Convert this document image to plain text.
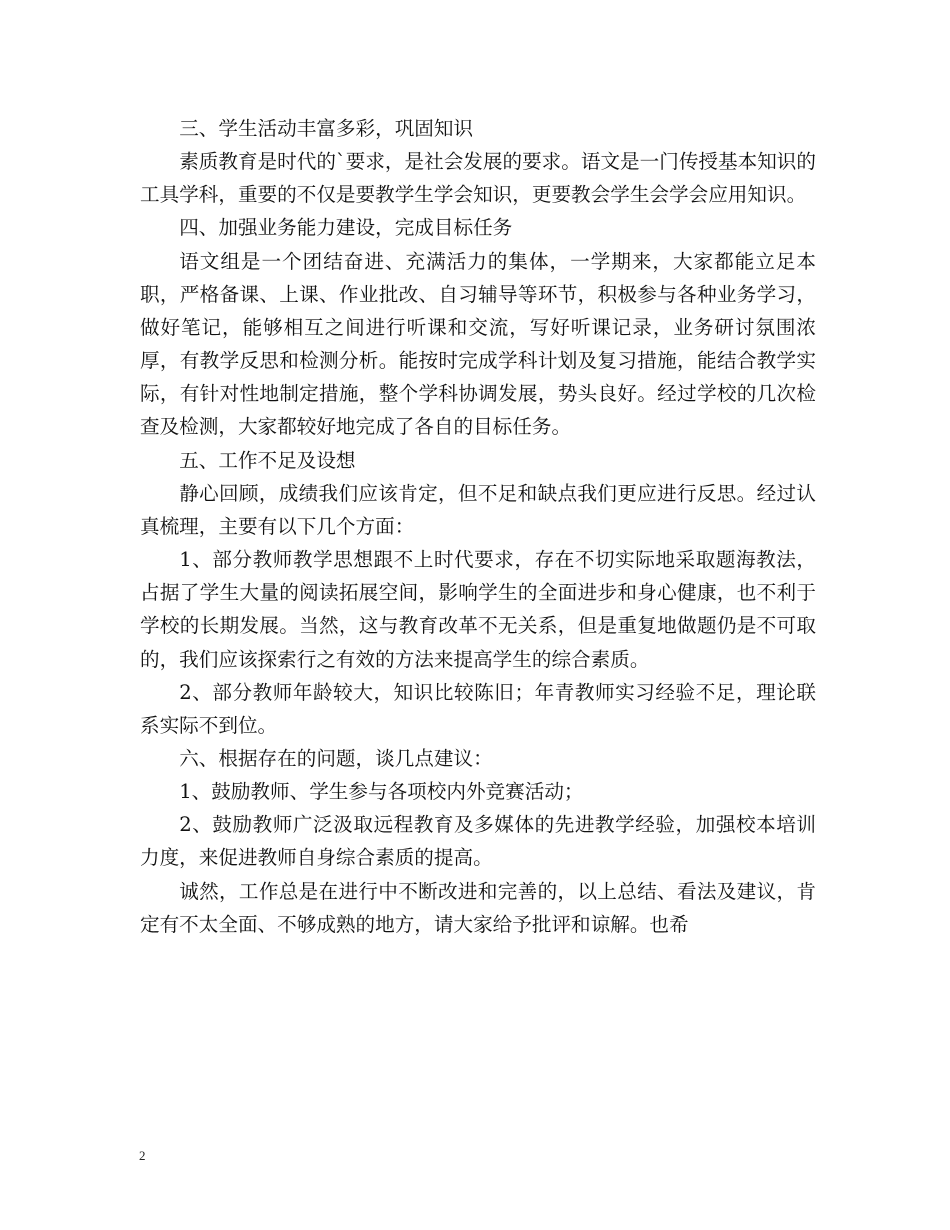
三、学生活动丰富多彩，巩固知识

素质教育是时代的`要求，是社会发展的要求。语文是一门传授基本知识的工具学科，重要的不仅是要教学生学会知识，更要教会学生会学会应用知识。

四、加强业务能力建设，完成目标任务

语文组是一个团结奋进、充满活力的集体，一学期来，大家都能立足本职，严格备课、上课、作业批改、自习辅导等环节，积极参与各种业务学习，做好笔记，能够相互之间进行听课和交流，写好听课记录，业务研讨氛围浓厚，有教学反思和检测分析。能按时完成学科计划及复习措施，能结合教学实际，有针对性地制定措施，整个学科协调发展，势头良好。经过学校的几次检查及检测，大家都较好地完成了各自的目标任务。

五、工作不足及设想

静心回顾，成绩我们应该肯定，但不足和缺点我们更应进行反思。经过认真梳理，主要有以下几个方面：

1、部分教师教学思想跟不上时代要求，存在不切实际地采取题海教法，占据了学生大量的阅读拓展空间，影响学生的全面进步和身心健康，也不利于学校的长期发展。当然，这与教育改革不无关系，但是重复地做题仍是不可取的，我们应该探索行之有效的方法来提高学生的综合素质。

2、部分教师年龄较大，知识比较陈旧；年青教师实习经验不足，理论联系实际不到位。

六、根据存在的问题，谈几点建议：

1、鼓励教师、学生参与各项校内外竞赛活动；

2、鼓励教师广泛汲取远程教育及多媒体的先进教学经验，加强校本培训力度，来促进教师自身综合素质的提高。

诚然，工作总是在进行中不断改进和完善的，以上总结、看法及建议，肯定有不太全面、不够成熟的地方，请大家给予批评和谅解。也希

2
